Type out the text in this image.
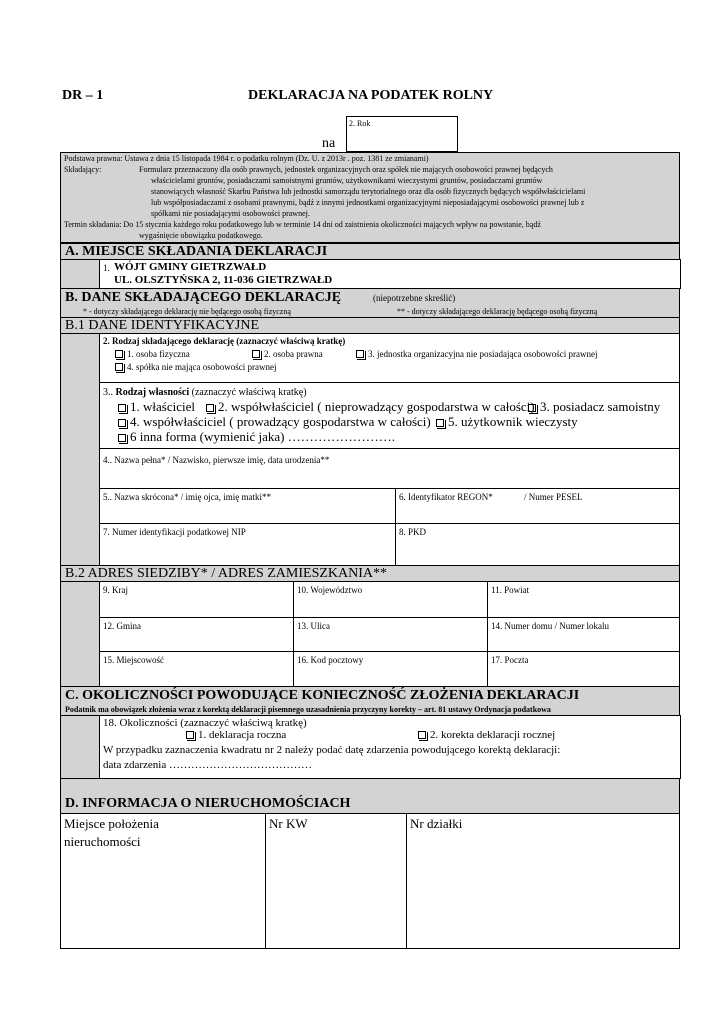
DR – 1	DEKLARACJA NA PODATEK ROLNY
na
2. Rok
Podstawa prawna: Ustawa z dnia 15 listopada 1984 r. o podatku rolnym (Dz. U. z 2013r . poz. 1381 ze zmianami)
Składający:	Formularz przeznaczony dla osób prawnych, jednostek organizacyjnych oraz spółek nie mających osobowości prawnej będących
właścicielami gruntów, posiadaczami samoistnymi gruntów, użytkownikami wieczystymi gruntów, posiadaczami gruntów
stanowiących własność Skarbu Państwa lub jednostki samorządu terytorialnego oraz dla osób fizycznych będących współwłaścicielami
lub współposiadaczami z osobami prawnymi, bądź z innymi jednostkami organizacyjnymi nieposiadającymi osobowości prawnej lub z
spółkami nie posiadającymi osobowości prawnej.
Termin składania: Do 15 stycznia każdego roku podatkowego lub w terminie 14 dni od zaistnienia okoliczności mających wpływ na powstanie, bądź
wygaśnięcie obowiązku podatkowego.
A. MIEJSCE SKŁADANIA DEKLARACJI
1. WÓJT GMINY GIETRZWAŁD
UL. OLSZTYŃSKA 2, 11-036 GIETRZWAŁD
B. DANE SKŁADAJĄCEGO DEKLARACJĘ	(niepotrzebne skreślić)
* - dotyczy składającego deklarację nie będącego osobą fizyczną	** - dotyczy składającego deklarację będącego osobą fizyczną
B.1 DANE IDENTYFIKACYJNE
2. Rodzaj składającego deklarację (zaznaczyć właściwą kratkę)
1. osoba fizyczna	2. osoba prawna	3. jednostka organizacyjna nie posiadająca osobowości prawnej
4. spółka nie mająca osobowości prawnej
3.. Rodzaj własności (zaznaczyć właściwą kratkę)
1. właściciel	2. współwłaściciel ( nieprowadzący gospodarstwa w całości) 3. posiadacz samoistny
4. współwłaściciel ( prowadzący gospodarstwa w całości)	5. użytkownik wieczysty
6 inna forma (wymienić jaka) …………………….
4.. Nazwa pełna* / Nazwisko, pierwsze imię, data urodzenia**
5.. Nazwa skrócona* / imię ojca, imię matki**	6. Identyfikator REGON*	/ Numer PESEL
7. Numer identyfikacji podatkowej NIP	8. PKD
B.2 ADRES SIEDZIBY* / ADRES ZAMIESZKANIA**
9. Kraj	10. Województwo	11. Powiat
12. Gmina	13. Ulica	14. Numer domu / Numer lokalu
15. Miejscowość	16. Kod pocztowy	17. Poczta
C. OKOLICZNOŚCI POWODUJĄCE KONIECZNOŚĆ ZŁOŻENIA DEKLARACJI
Podatnik ma obowiązek złożenia wraz z korektą deklaracji pisemnego uzasadnienia przyczyny korekty – art. 81 ustawy Ordynacja podatkowa
18. Okoliczności (zaznaczyć właściwą kratkę)
1. deklaracja roczna	2. korekta deklaracji rocznej
W przypadku zaznaczenia kwadratu nr 2 należy podać datę zdarzenia powodującego korektą deklaracji:
data zdarzenia …………………………………
D. INFORMACJA O NIERUCHOMOŚCIACH
Miejsce położenia
nieruchomości
Nr KW	Nr działki
